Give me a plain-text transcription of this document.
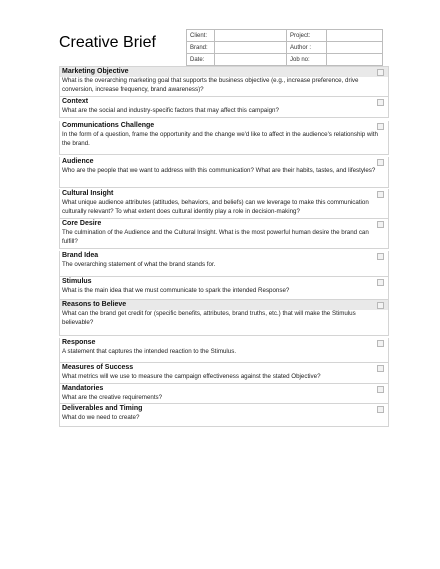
Creative Brief	Client:		Project:	
Brand:		Author :	
Date:		Job no:	
Marketing Objective
What is the overarching marketing goal that supports the business objective (e.g., increase preference, drive conversion, increase frequency, brand awareness)?
Context
What are the social and industry-specific factors that may affect this campaign?
Communications Challenge
In the form of a question, frame the opportunity and the change we'd like to affect in the audience's relationship with the brand.
Audience
Who are the people that we want to address with this communication? What are their habits, tastes, and lifestyles?
Cultural Insight
What unique audience attributes (attitudes, behaviors, and beliefs) can we leverage to make this communication culturally relevant? To what extent does cultural identity play a role in decision-making?
Core Desire
The culmination of the Audience and the Cultural Insight. What is the most powerful human desire the brand can fulfill?
Brand Idea
The overarching statement of what the brand stands for.
Stimulus
What is the main idea that we must communicate to spark the intended Response?
Reasons to Believe
What can the brand get credit for (specific benefits, attributes, brand truths, etc.) that will make the Stimulus believable?
Response
A statement that captures the intended reaction to the Stimulus.
Measures of Success
What metrics will we use to measure the campaign effectiveness against the stated Objective?
Mandatories
What are the creative requirements?
Deliverables and Timing
What do we need to create?
